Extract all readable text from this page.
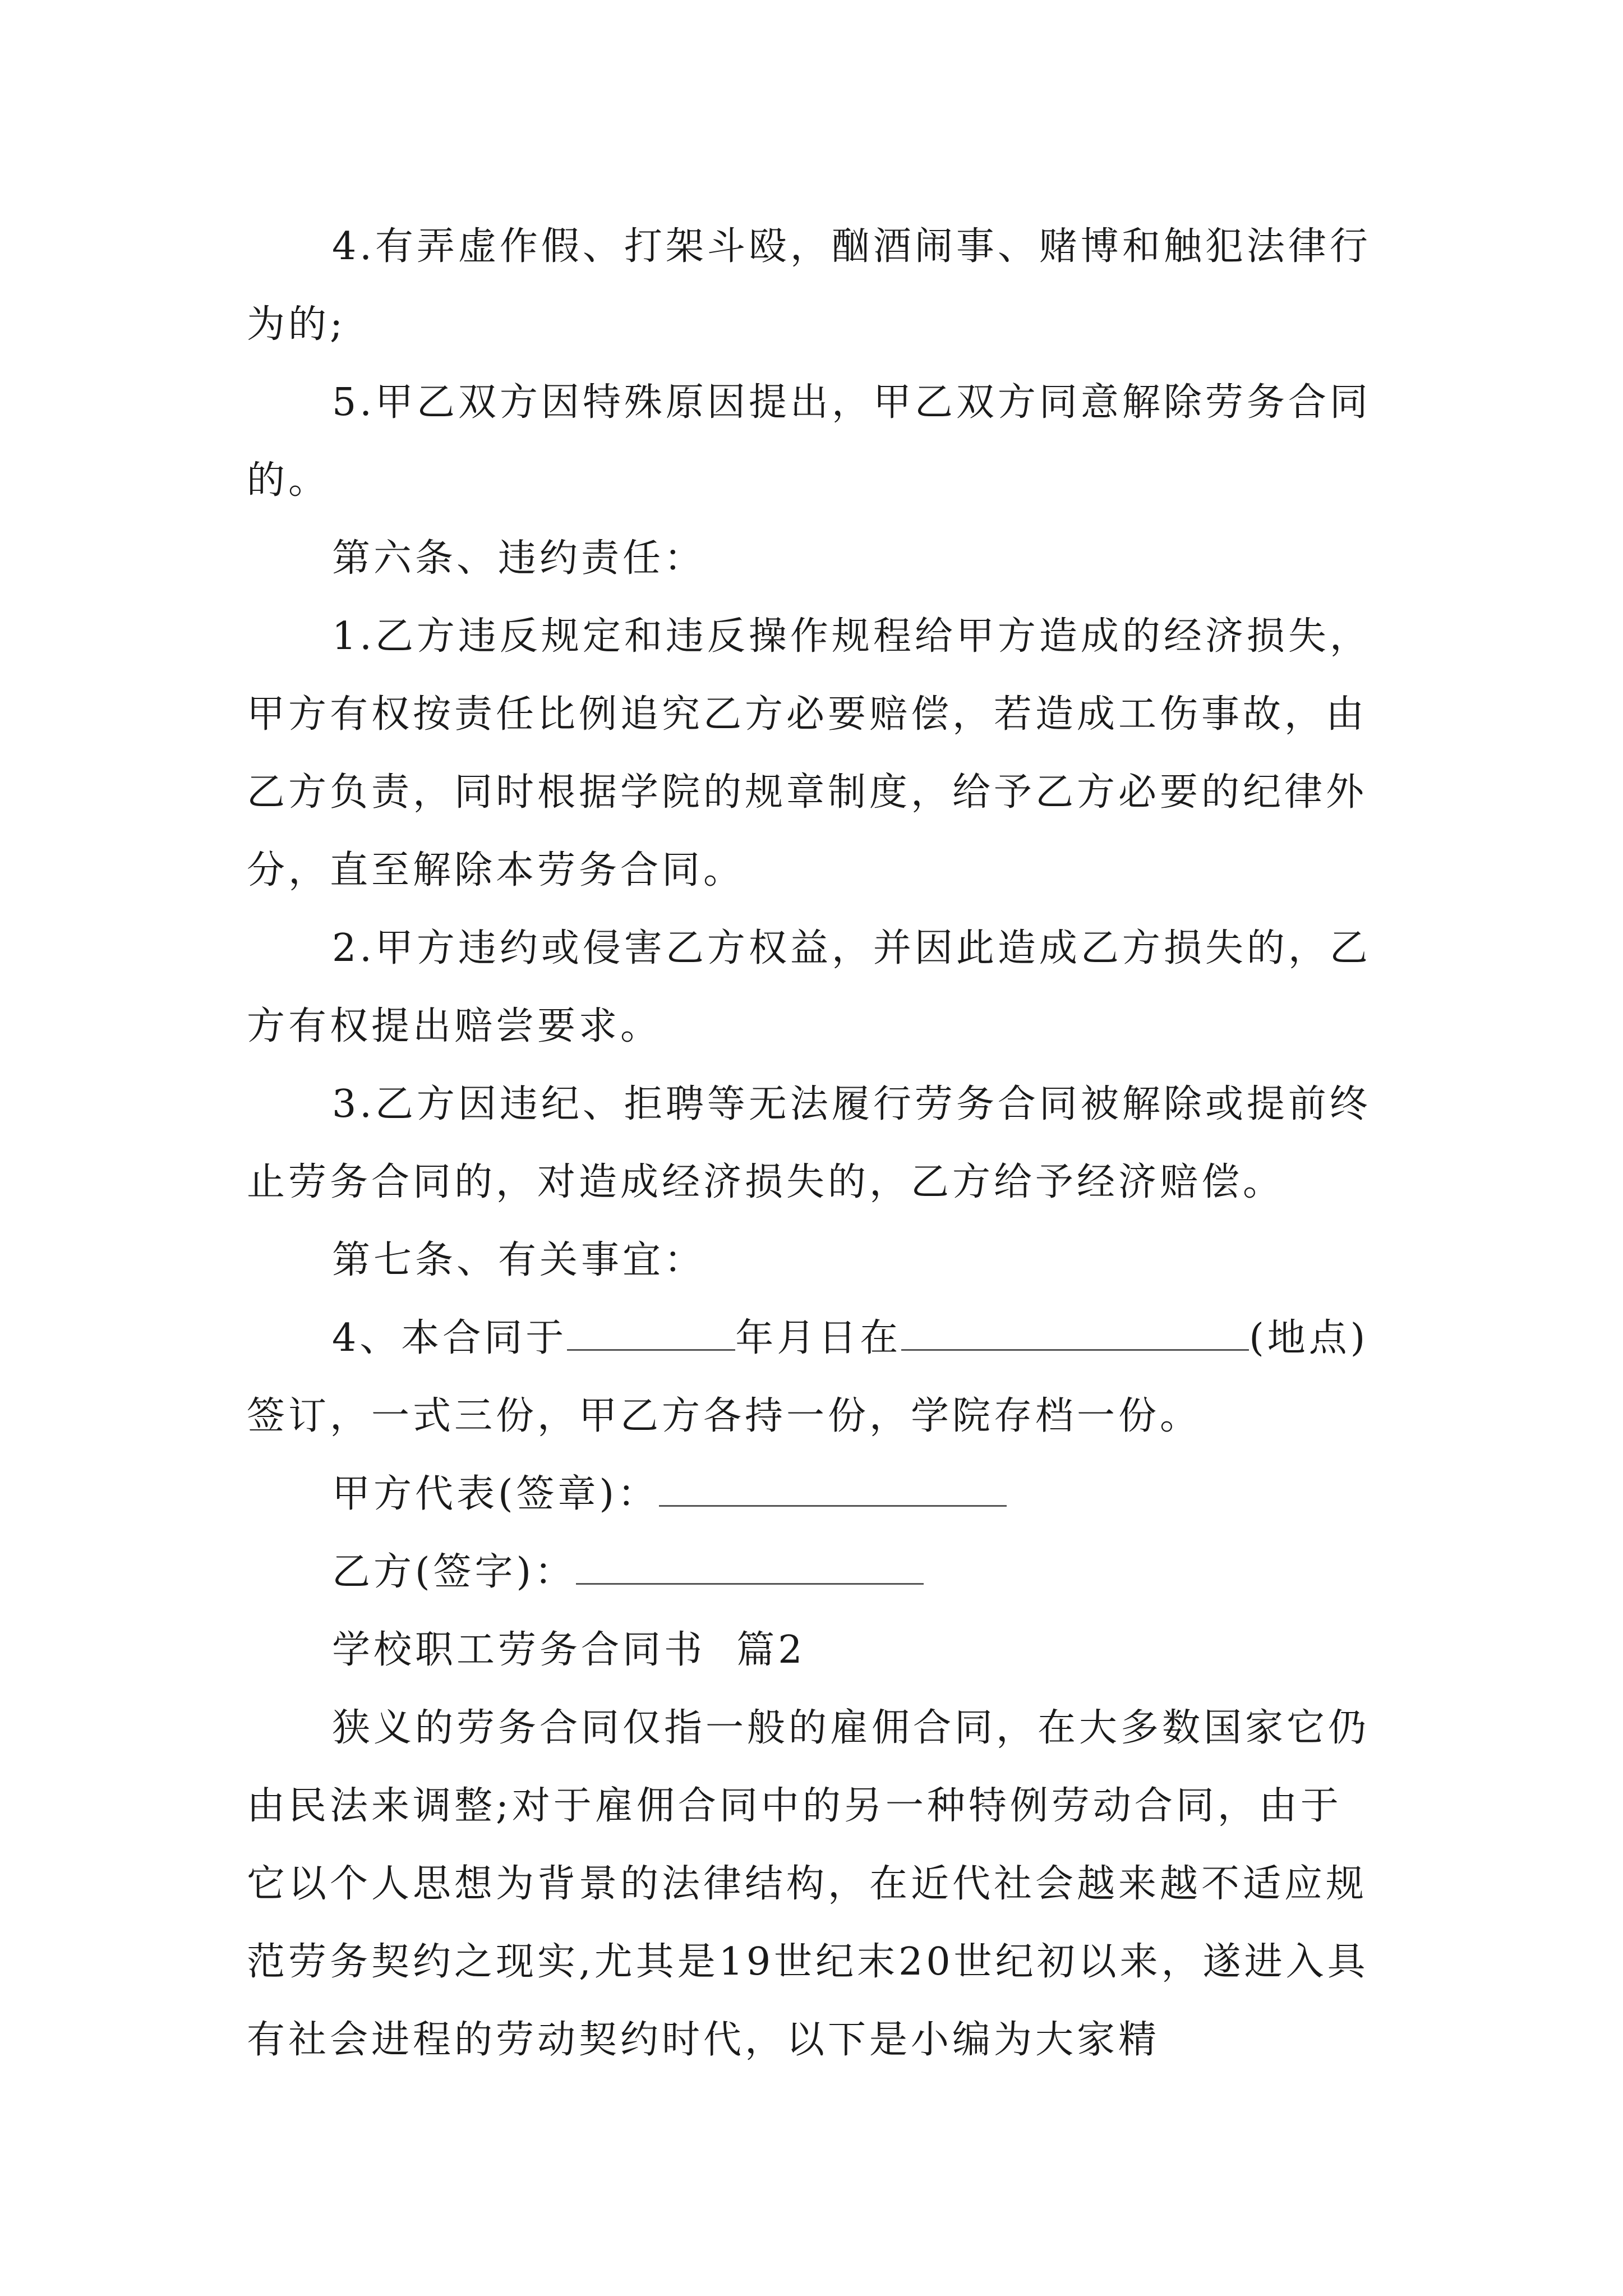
4.有弄虚作假、打架斗殴，酗酒闹事、赌博和触犯法律行为的;

5.甲乙双方因特殊原因提出，甲乙双方同意解除劳务合同的。

第六条、违约责任：

1.乙方违反规定和违反操作规程给甲方造成的经济损失，甲方有权按责任比例追究乙方必要赔偿，若造成工伤事故，由乙方负责，同时根据学院的规章制度，给予乙方必要的纪律外分，直至解除本劳务合同。

2.甲方违约或侵害乙方权益，并因此造成乙方损失的，乙方有权提出赔尝要求。

3.乙方因违纪、拒聘等无法履行劳务合同被解除或提前终止劳务合同的，对造成经济损失的，乙方给予经济赔偿。

第七条、有关事宜：

4、本合同于	年月日在	(地点)签订，一式三份，甲乙方各持一份，学院存档一份。

甲方代表(签章)：

乙方(签字)：

学校职工劳务合同书  篇2

狭义的劳务合同仅指一般的雇佣合同，在大多数国家它仍由民法来调整;对于雇佣合同中的另一种特例劳动合同，由于它以个人思想为背景的法律结构，在近代社会越来越不适应规范劳务契约之现实,尤其是19世纪末20世纪初以来，遂进入具有社会进程的劳动契约时代，以下是小编为大家精
